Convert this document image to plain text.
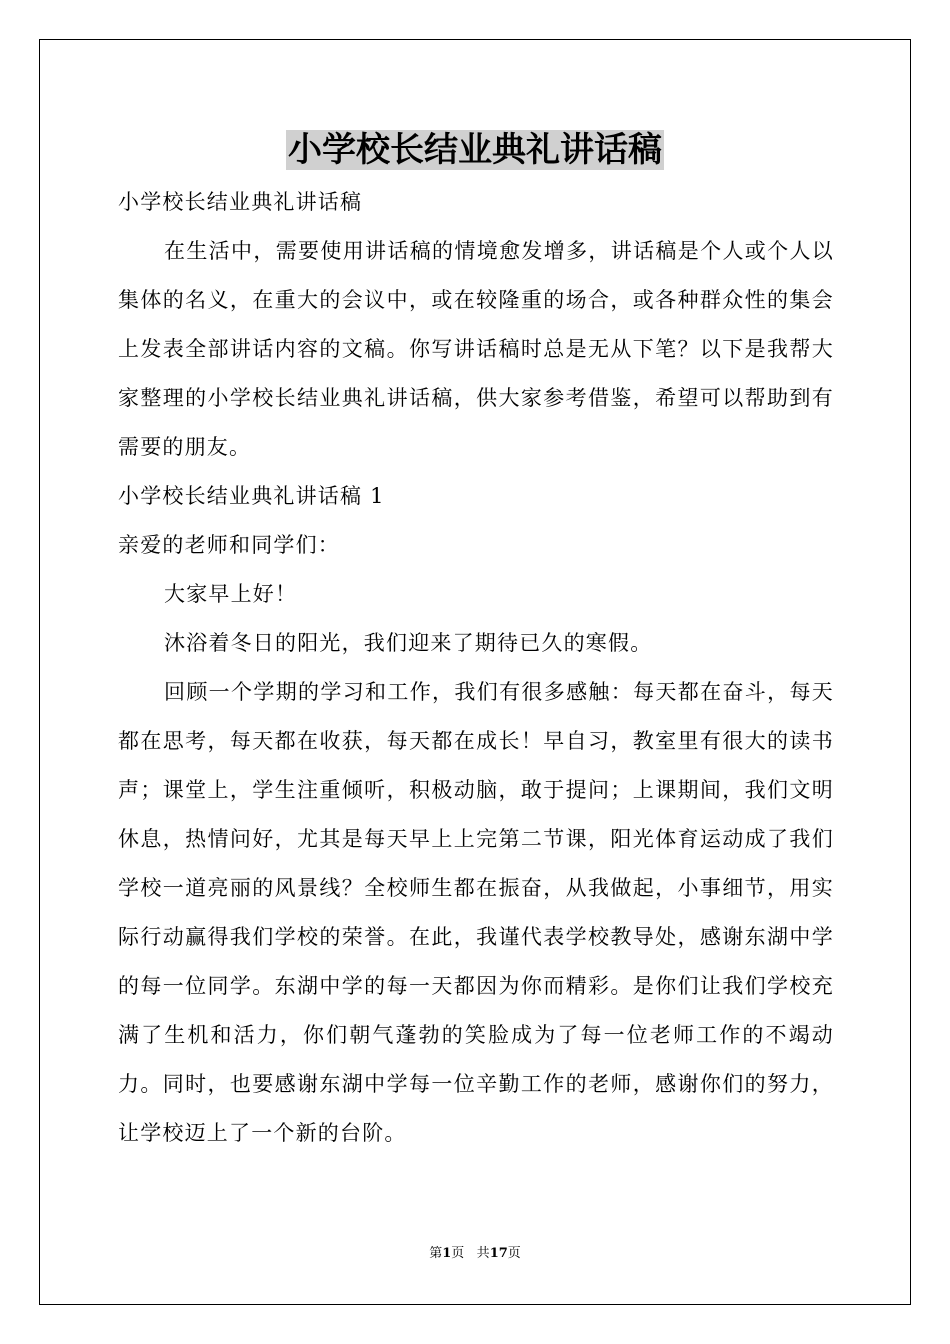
小学校长结业典礼讲话稿

小学校长结业典礼讲话稿

在生活中，需要使用讲话稿的情境愈发增多，讲话稿是个人或个人以集体的名义，在重大的会议中，或在较隆重的场合，或各种群众性的集会上发表全部讲话内容的文稿。你写讲话稿时总是无从下笔？以下是我帮大家整理的小学校长结业典礼讲话稿，供大家参考借鉴，希望可以帮助到有需要的朋友。

小学校长结业典礼讲话稿 1

亲爱的老师和同学们：

大家早上好！

沐浴着冬日的阳光，我们迎来了期待已久的寒假。

回顾一个学期的学习和工作，我们有很多感触：每天都在奋斗，每天都在思考，每天都在收获，每天都在成长！早自习，教室里有很大的读书声；课堂上，学生注重倾听，积极动脑，敢于提问；上课期间，我们文明休息，热情问好，尤其是每天早上上完第二节课，阳光体育运动成了我们学校一道亮丽的风景线？全校师生都在振奋，从我做起，小事细节，用实际行动赢得我们学校的荣誉。在此，我谨代表学校教导处，感谢东湖中学的每一位同学。东湖中学的每一天都因为你而精彩。是你们让我们学校充满了生机和活力，你们朝气蓬勃的笑脸成为了每一位老师工作的不竭动力。同时，也要感谢东湖中学每一位辛勤工作的老师，感谢你们的努力，让学校迈上了一个新的台阶。

第1页 共17页
